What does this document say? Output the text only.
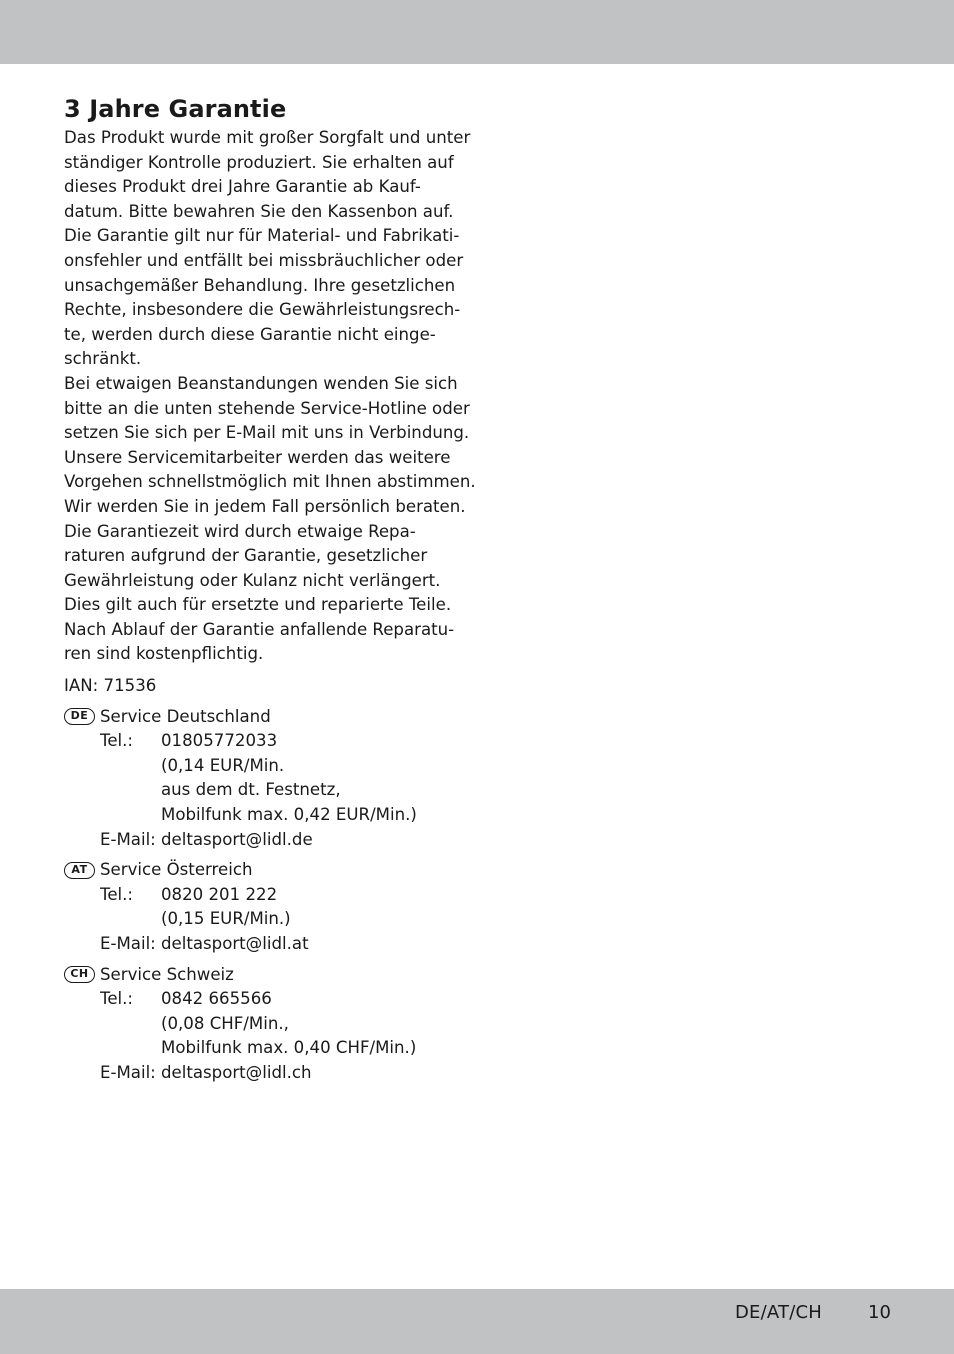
3 Jahre Garantie

Das Produkt wurde mit großer Sorgfalt und unter

ständiger Kontrolle produziert. Sie erhalten auf

dieses Produkt drei Jahre Garantie ab Kauf-

datum. Bitte bewahren Sie den Kassenbon auf.

Die Garantie gilt nur für Material- und Fabrikati-

onsfehler und entfällt bei missbräuchlicher oder

unsachgemäßer Behandlung. Ihre gesetzlichen

Rechte, insbesondere die Gewährleistungsrech-

te, werden durch diese Garantie nicht einge-

schränkt.

Bei etwaigen Beanstandungen wenden Sie sich

bitte an die unten stehende Service-Hotline oder

setzen Sie sich per E-Mail mit uns in Verbindung.

Unsere Servicemitarbeiter werden das weitere

Vorgehen schnellstmöglich mit Ihnen abstimmen.

Wir werden Sie in jedem Fall persönlich beraten.

Die Garantiezeit wird durch etwaige Repa-

raturen aufgrund der Garantie, gesetzlicher

Gewährleistung oder Kulanz nicht verlängert.

Dies gilt auch für ersetzte und reparierte Teile.

Nach Ablauf der Garantie anfallende Reparatu-

ren sind kostenpflichtig.

IAN: 71536
DE Service Deutschland
Tel.:	01805772033
(0,14 EUR/Min.
aus dem dt. Festnetz,
Mobilfunk max. 0,42 EUR/Min.)
E-Mail: deltasport@lidl.de
AT Service Österreich
Tel.:	0820 201 222
(0,15 EUR/Min.)
E-Mail: deltasport@lidl.at
CH Service Schweiz
Tel.:	0842 665566
(0,08 CHF/Min.,
Mobilfunk max. 0,40 CHF/Min.)
E-Mail: deltasport@lidl.ch
DE/AT/CH	10
